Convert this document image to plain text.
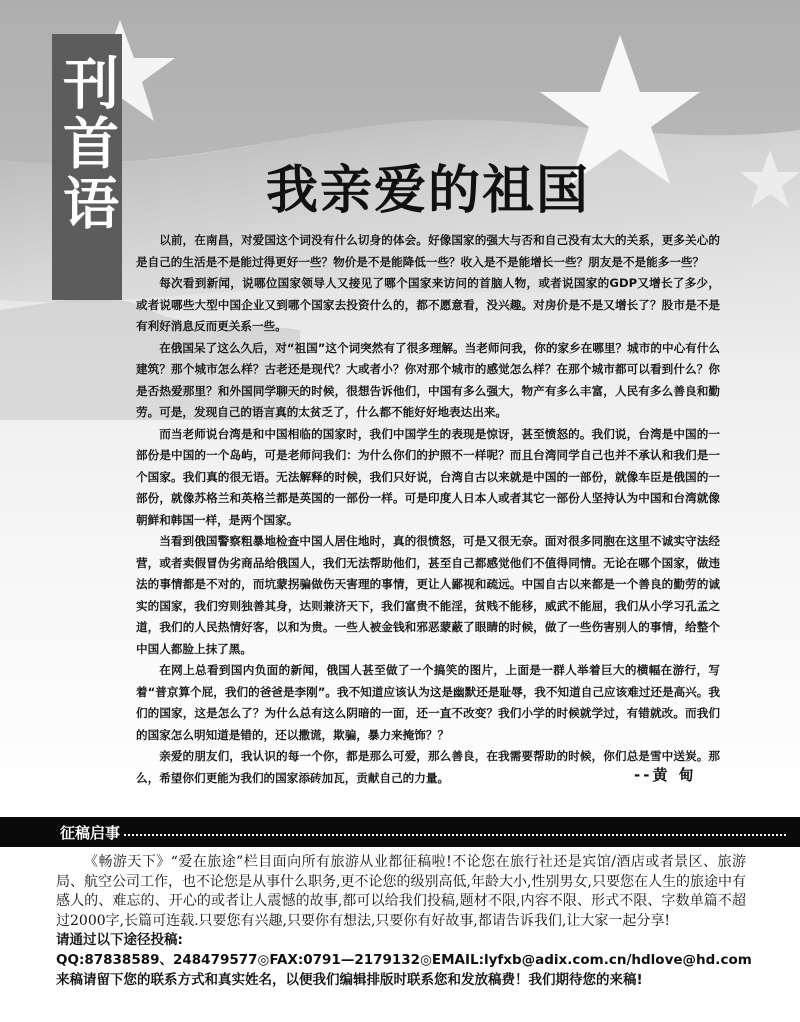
刊首语	我亲爱的祖国

以前，在南昌，对爱国这个词没有什么切身的体会。好像国家的强大与否和自己没有太大的关系，更多关心的是自己的生活是不是能过得更好一些？物价是不是能降低一些？收入是不是能增长一些？朋友是不是能多一些？

每次看到新闻，说哪位国家领导人又接见了哪个国家来访问的首脑人物，或者说国家的GDP又增长了多少，或者说哪些大型中国企业又到哪个国家去投资什么的，都不愿意看，没兴趣。对房价是不是又增长了？股市是不是有利好消息反而更关系一些。

在俄国呆了这么久后，对“祖国”这个词突然有了很多理解。当老师问我，你的家乡在哪里？城市的中心有什么建筑？那个城市怎么样？古老还是现代？大或者小？你对那个城市的感觉怎么样？在那个城市都可以看到什么？你是否热爱那里？和外国同学聊天的时候，很想告诉他们，中国有多么强大，物产有多么丰富，人民有多么善良和勤劳。可是，发现自己的语言真的太贫乏了，什么都不能好好地表达出来。

而当老师说台湾是和中国相临的国家时，我们中国学生的表现是惊讶，甚至愤怒的。我们说，台湾是中国的一部份是中国的一个岛屿，可是老师问我们：为什么你们的护照不一样呢？而且台湾同学自己也并不承认和我们是一个国家。我们真的很无语。无法解释的时候，我们只好说，台湾自古以来就是中国的一部份，就像车臣是俄国的一部份，就像苏格兰和英格兰都是英国的一部份一样。可是印度人日本人或者其它一部份人坚持认为中国和台湾就像朝鲜和韩国一样，是两个国家。

当看到俄国警察粗暴地检查中国人居住地时，真的很愤怒，可是又很无奈。面对很多同胞在这里不诚实守法经营，或者卖假冒伪劣商品给俄国人，我们无法帮助他们，甚至自己都感觉他们不值得同情。无论在哪个国家，做违法的事情都是不对的，而坑蒙拐骗做伤天害理的事情，更让人鄙视和疏远。中国自古以来都是一个善良的勤劳的诚实的国家，我们穷则独善其身，达则兼济天下，我们富贵不能淫，贫贱不能移，威武不能屈，我们从小学习孔孟之道，我们的人民热情好客，以和为贵。一些人被金钱和邪恶蒙蔽了眼睛的时候，做了一些伤害别人的事情，给整个中国人都脸上抹了黑。

在网上总看到国内负面的新闻，俄国人甚至做了一个搞笑的图片，上面是一群人举着巨大的横幅在游行，写着“普京算个屁，我们的爸爸是李刚”。我不知道应该认为这是幽默还是耻辱，我不知道自己应该难过还是高兴。我们的国家，这是怎么了？为什么总有这么阴暗的一面，还一直不改变？我们小学的时候就学过，有错就改。而我们的国家怎么明知道是错的，还以撒谎，欺骗，暴力来掩饰？？

亲爱的朋友们，我认识的每一个你，都是那么可爱，那么善良，在我需要帮助的时候，你们总是雪中送炭。那么，希望你们更能为我们的国家添砖加瓦，贡献自己的力量。	--黄 甸
征稿启事

《畅游天下》“爱在旅途”栏目面向所有旅游从业都征稿啦!不论您在旅行社还是宾馆/酒店或者景区、旅游局、航空公司工作，也不论您是从事什么职务,更不论您的级别高低,年龄大小,性别男女,只要您在人生的旅途中有感人的、难忘的、开心的或者让人震憾的故事,都可以给我们投稿,题材不限,内容不限、形式不限、字数单篇不超过2000字,长篇可连载.只要您有兴趣,只要你有想法,只要你有好故事,都请告诉我们,让大家一起分享!

请通过以下途径投稿:
QQ:87838589、248479577◎FAX:0791—2179132◎EMAIL:lyfxb@adix.com.cn/hdlove@hd.com
来稿请留下您的联系方式和真实姓名，以便我们编辑排版时联系您和发放稿费！我们期待您的来稿!
